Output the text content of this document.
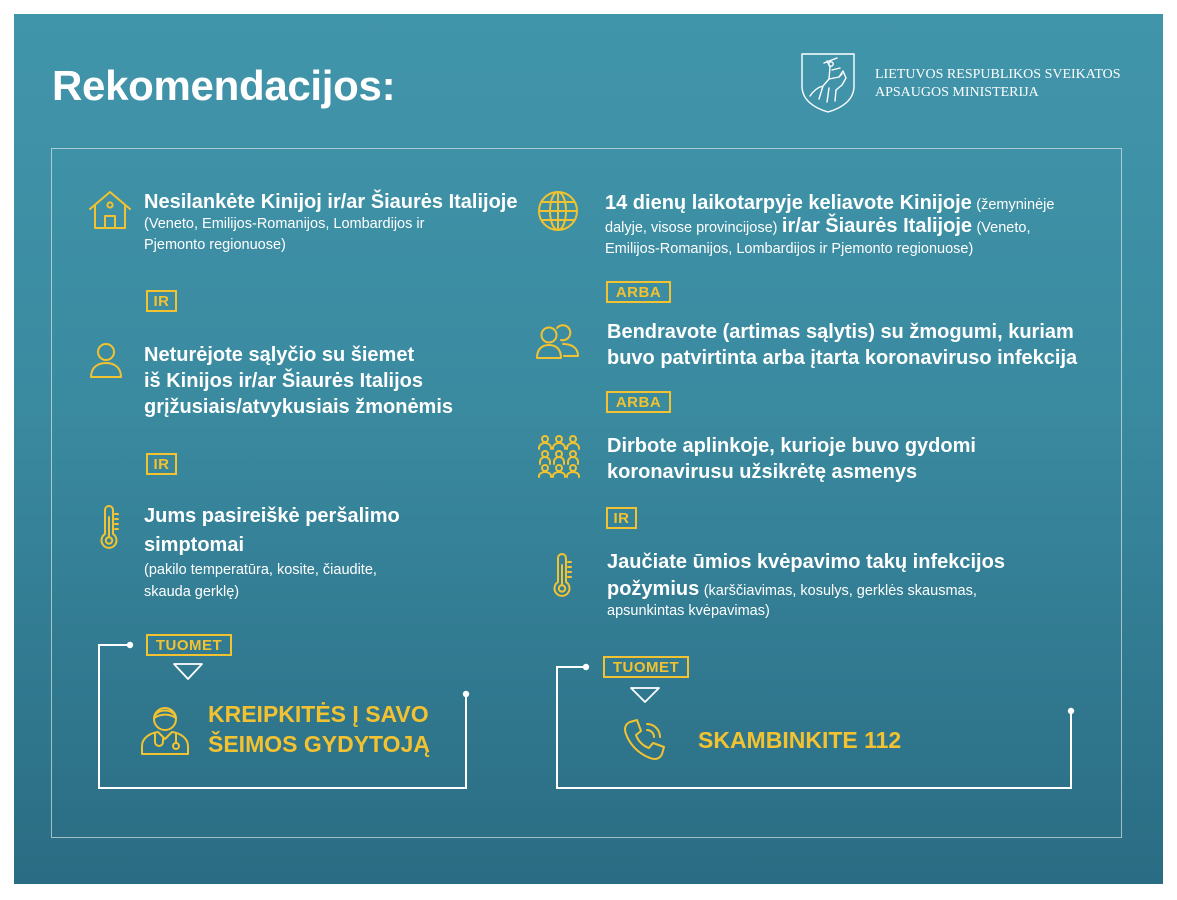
Rekomendacijos:	LIETUVOS RESPUBLIKOS SVEIKATOS
APSAUGOS MINISTERIJA
Nesilankėte Kinijoj ir/ar Šiaurės Italijoje
(Veneto, Emilijos-Romanijos, Lombardijos ir
Pjemonto regionuose)
IR
Neturėjote sąlyčio su šiemet
iš Kinijos ir/ar Šiaurės Italijos
grįžusiais/atvykusiais žmonėmis
IR
Jums pasireiškė peršalimo
simptomai
(pakilo temperatūra, kosite, čiaudite,
skauda gerklę)
TUOMET
KREIPKITĖS Į SAVO
ŠEIMOS GYDYTOJĄ
14 dienų laikotarpyje keliavote Kinijoje (žemyninėje
dalyje, visose provincijose) ir/ar Šiaurės Italijoje (Veneto,
Emilijos-Romanijos, Lombardijos ir Pjemonto regionuose)
ARBA
Bendravote (artimas sąlytis) su žmogumi, kuriam
buvo patvirtinta arba įtarta koronaviruso infekcija
ARBA
Dirbote aplinkoje, kurioje buvo gydomi
koronavirusu užsikrėtę asmenys
IR
Jaučiate ūmios kvėpavimo takų infekcijos
požymius (karščiavimas, kosulys, gerklės skausmas,
apsunkintas kvėpavimas)
TUOMET
SKAMBINKITE 112
